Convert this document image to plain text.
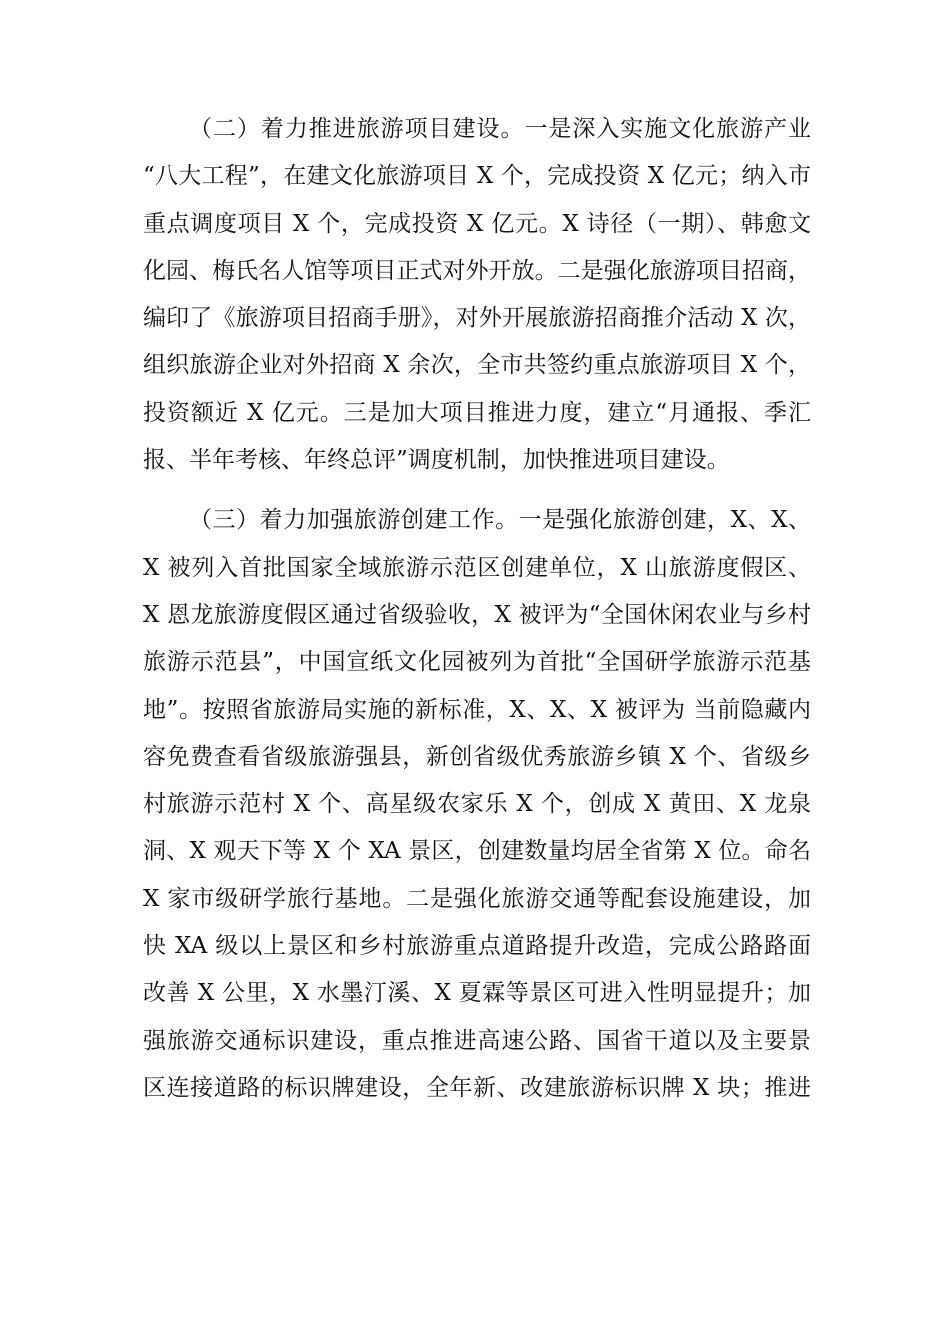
（二）着力推进旅游项目建设。一是深入实施文化旅游产业
“八大工程”，在建文化旅游项目 X 个，完成投资 X 亿元；纳入市
重点调度项目 X 个，完成投资 X 亿元。X 诗径（一期）、韩愈文
化园、梅氏名人馆等项目正式对外开放。二是强化旅游项目招商，
编印了《旅游项目招商手册》，对外开展旅游招商推介活动 X 次，
组织旅游企业对外招商 X 余次，全市共签约重点旅游项目 X 个，
投资额近 X 亿元。三是加大项目推进力度，建立“月通报、季汇
报、半年考核、年终总评”调度机制，加快推进项目建设。
（三）着力加强旅游创建工作。一是强化旅游创建，X、X、
X 被列入首批国家全域旅游示范区创建单位，X 山旅游度假区、
X 恩龙旅游度假区通过省级验收，X 被评为“全国休闲农业与乡村
旅游示范县”，中国宣纸文化园被列为首批“全国研学旅游示范基
地”。按照省旅游局实施的新标准，X、X、X 被评为 当前隐藏内
容免费查看省级旅游强县，新创省级优秀旅游乡镇 X 个、省级乡
村旅游示范村 X 个、高星级农家乐 X 个，创成 X 黄田、X 龙泉
洞、X 观天下等 X 个 XA 景区，创建数量均居全省第 X 位。命名
X 家市级研学旅行基地。二是强化旅游交通等配套设施建设，加
快 XA 级以上景区和乡村旅游重点道路提升改造，完成公路路面
改善 X 公里，X 水墨汀溪、X 夏霖等景区可进入性明显提升；加
强旅游交通标识建设，重点推进高速公路、国省干道以及主要景
区连接道路的标识牌建设，全年新、改建旅游标识牌 X 块；推进
